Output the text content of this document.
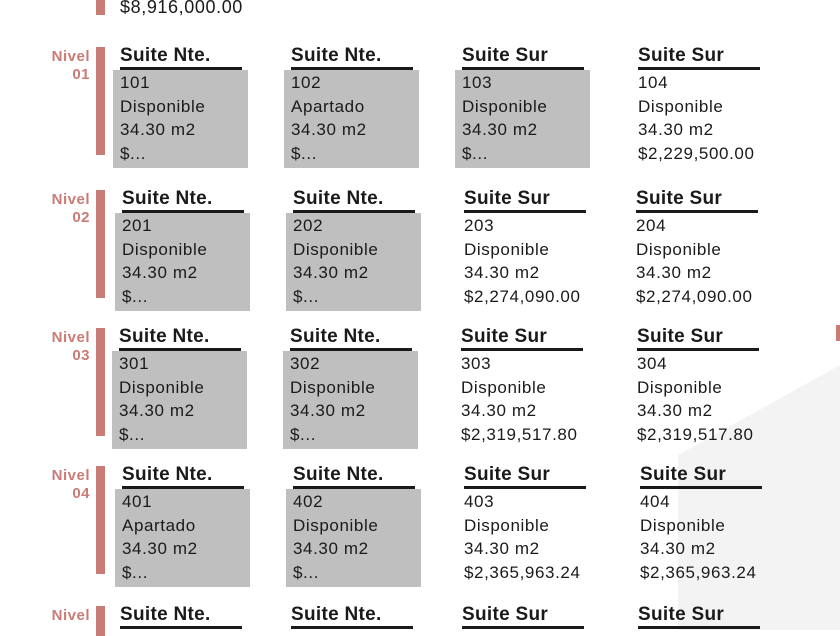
$8,916,000.00
Nivel
01
Suite Nte.
101
Disponible
34.30 m2
$...
Suite Nte.
102
Apartado
34.30 m2
$...
Suite Sur
103
Disponible
34.30 m2
$...
Suite Sur
104
Disponible
34.30 m2
$2,229,500.00
Nivel
02
Suite Nte.
201
Disponible
34.30 m2
$...
Suite Nte.
202
Disponible
34.30 m2
$...
Suite Sur
203
Disponible
34.30 m2
$2,274,090.00
Suite Sur
204
Disponible
34.30 m2
$2,274,090.00
Nivel
03
Suite Nte.
301
Disponible
34.30 m2
$...
Suite Nte.
302
Disponible
34.30 m2
$...
Suite Sur
303
Disponible
34.30 m2
$2,319,517.80
Suite Sur
304
Disponible
34.30 m2
$2,319,517.80
Nivel
04
Suite Nte.
401
Apartado
34.30 m2
$...
Suite Nte.
402
Disponible
34.30 m2
$...
Suite Sur
403
Disponible
34.30 m2
$2,365,963.24
Suite Sur
404
Disponible
34.30 m2
$2,365,963.24
Nivel Suite Nte.	Suite Nte.	Suite Sur	Suite Sur
